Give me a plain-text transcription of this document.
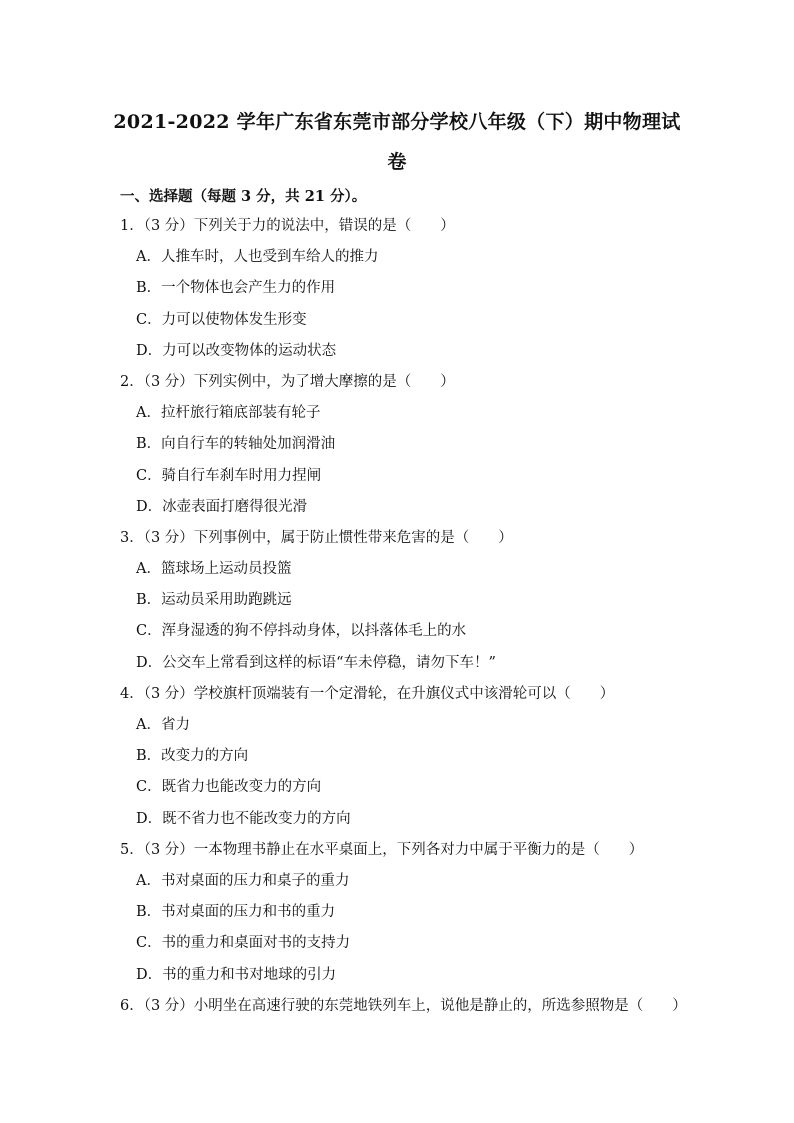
2021-2022 学年广东省东莞市部分学校八年级（下）期中物理试
卷
一、选择题（每题 3 分，共 21 分）。
1．（3 分）下列关于力的说法中，错误的是（　　）
A．人推车时，人也受到车给人的推力
B．一个物体也会产生力的作用
C．力可以使物体发生形变
D．力可以改变物体的运动状态
2．（3 分）下列实例中，为了增大摩擦的是（　　）
A．拉杆旅行箱底部装有轮子
B．向自行车的转轴处加润滑油
C．骑自行车刹车时用力捏闸
D．冰壶表面打磨得很光滑
3．（3 分）下列事例中，属于防止惯性带来危害的是（　　）
A．篮球场上运动员投篮
B．运动员采用助跑跳远
C．浑身湿透的狗不停抖动身体，以抖落体毛上的水
D．公交车上常看到这样的标语“车未停稳，请勿下车！”
4．（3 分）学校旗杆顶端装有一个定滑轮，在升旗仪式中该滑轮可以（　　）
A．省力
B．改变力的方向
C．既省力也能改变力的方向
D．既不省力也不能改变力的方向
5．（3 分）一本物理书静止在水平桌面上，下列各对力中属于平衡力的是（　　）
A．书对桌面的压力和桌子的重力
B．书对桌面的压力和书的重力
C．书的重力和桌面对书的支持力
D．书的重力和书对地球的引力
6．（3 分）小明坐在高速行驶的东莞地铁列车上，说他是静止的，所选参照物是（　　）
